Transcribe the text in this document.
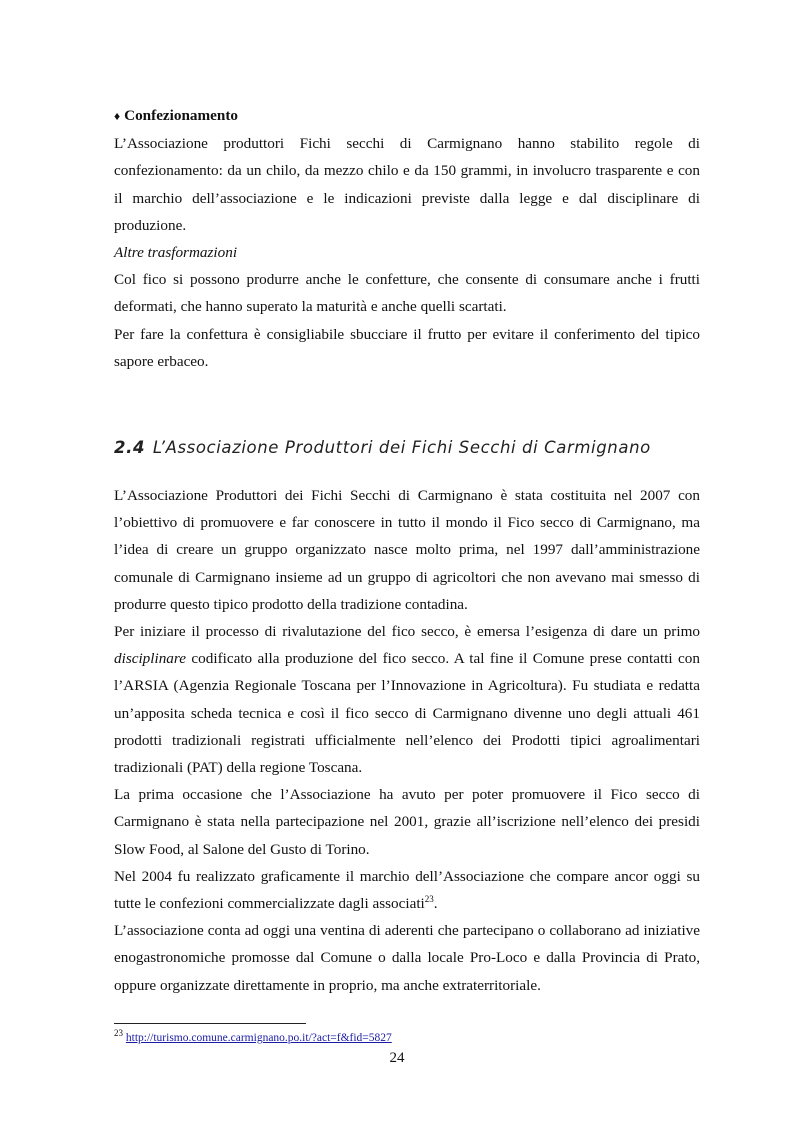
♦ Confezionamento

L’Associazione produttori Fichi secchi di Carmignano hanno stabilito regole di confezionamento: da un chilo, da mezzo chilo e da 150 grammi, in involucro trasparente e con il marchio dell’associazione e le indicazioni previste dalla legge e dal disciplinare di produzione.

Altre trasformazioni

Col fico si possono produrre anche le confetture, che consente di consumare anche i frutti deformati, che hanno superato la maturità e anche quelli scartati.

Per fare la confettura è consigliabile sbucciare il frutto per evitare il conferimento del tipico sapore erbaceo.

2.4 L’Associazione Produttori dei Fichi Secchi di Carmignano

L’Associazione Produttori dei Fichi Secchi di Carmignano è stata costituita nel 2007 con l’obiettivo di promuovere e far conoscere in tutto il mondo il Fico secco di Carmignano, ma l’idea di creare un gruppo organizzato nasce molto prima, nel 1997 dall’amministrazione comunale di Carmignano insieme ad un gruppo di agricoltori che non avevano mai smesso di produrre questo tipico prodotto della tradizione contadina.

Per iniziare il processo di rivalutazione del fico secco, è emersa l’esigenza di dare un primo disciplinare codificato alla produzione del fico secco. A tal fine il Comune prese contatti con l’ARSIA (Agenzia Regionale Toscana per l’Innovazione in Agricoltura). Fu studiata e redatta un’apposita scheda tecnica e così il fico secco di Carmignano divenne uno degli attuali 461 prodotti tradizionali registrati ufficialmente nell’elenco dei Prodotti tipici agroalimentari tradizionali (PAT) della regione Toscana.

La prima occasione che l’Associazione ha avuto per poter promuovere il Fico secco di Carmignano è stata nella partecipazione nel 2001, grazie all’iscrizione nell’elenco dei presidi Slow Food, al Salone del Gusto di Torino.

Nel 2004 fu realizzato graficamente il marchio dell’Associazione che compare ancor oggi su tutte le confezioni commercializzate dagli associati$^{23}$.

L’associazione conta ad oggi una ventina di aderenti che partecipano o collaborano ad iniziative enogastronomiche promosse dal Comune o dalla locale Pro-Loco e dalla Provincia di Prato, oppure organizzate direttamente in proprio, ma anche extraterritoriale.

$^{23}$ http://turismo.comune.carmignano.po.it/?act=f&fid=5827
24
